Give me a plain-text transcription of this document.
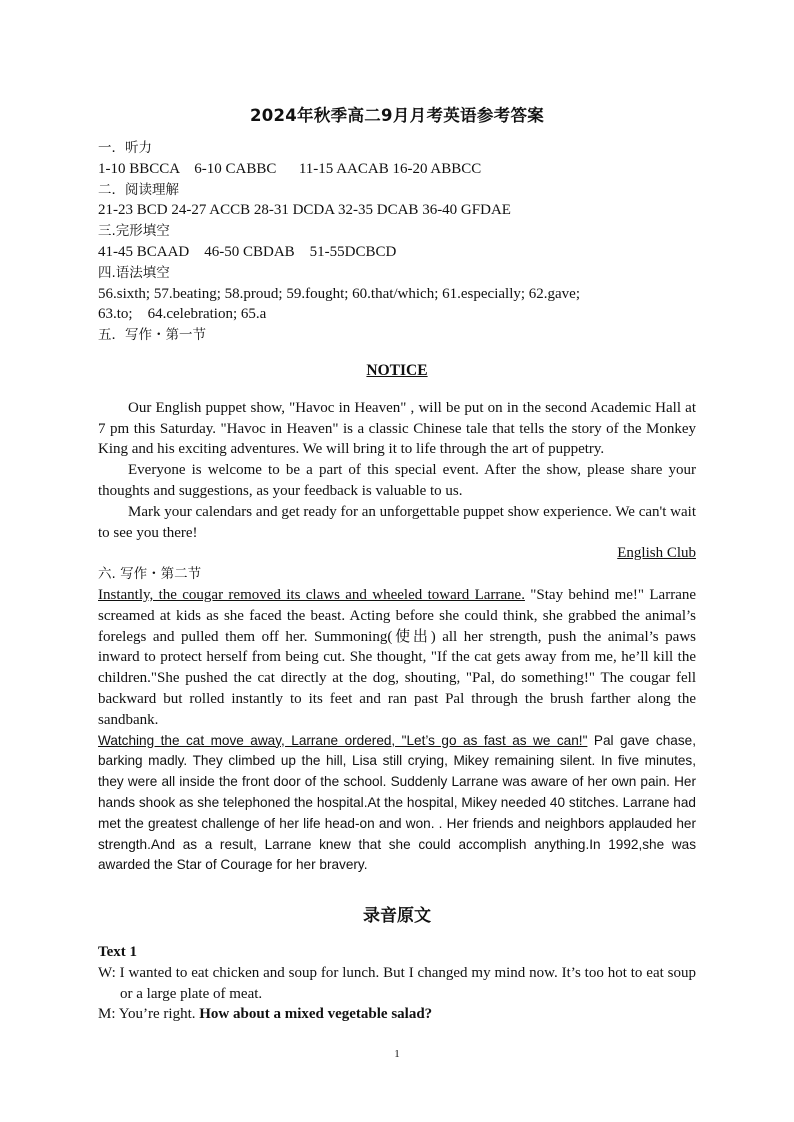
2024年秋季高二9月月考英语参考答案

一．听力

1-10 BBCCA    6-10 CABBC      11-15 AACAB 16-20 ABBCC

二．阅读理解

21-23 BCD 24-27 ACCB 28-31 DCDA 32-35 DCAB 36-40 GFDAE

三.完形填空

41-45 BCAAD    46-50 CBDAB    51-55DCBCD

四.语法填空

56.sixth; 57.beating; 58.proud; 59.fought; 60.that/which; 61.especially; 62.gave;

63.to;    64.celebration; 65.a

五．写作・第一节

NOTICE

Our English puppet show, "Havoc in Heaven" , will be put on in the second Academic Hall at 7 pm this Saturday. "Havoc in Heaven" is a classic Chinese tale that tells the story of the Monkey King and his exciting adventures. We will bring it to life through the art of puppetry.

Everyone is welcome to be a part of this special event. After the show, please share your thoughts and suggestions, as your feedback is valuable to us.

Mark your calendars and get ready for an unforgettable puppet show experience. We can't wait to see you there!

English Club

六. 写作・第二节

Instantly, the cougar removed its claws and wheeled toward Larrane. "Stay behind me!" Larrane screamed at kids as she faced the beast. Acting before she could think, she grabbed the animal’s forelegs and pulled them off her. Summoning(使出) all her strength, push the animal’s paws inward to protect herself from being cut. She thought, "If the cat gets away from me, he’ll kill the children."She pushed the cat directly at the dog, shouting, "Pal, do something!" The cougar fell backward but rolled instantly to its feet and ran past Pal through the brush farther along the sandbank.

Watching the cat move away, Larrane ordered, "Let’s go as fast as we can!" Pal gave chase, barking madly. They climbed up the hill, Lisa still crying, Mikey remaining silent. In five minutes, they were all inside the front door of the school. Suddenly Larrane was aware of her own pain. Her hands shook as she telephoned the hospital.At the hospital, Mikey needed 40 stitches. Larrane had met the greatest challenge of her life head-on and won. . Her friends and neighbors applauded her strength.And as a result, Larrane knew that she could accomplish anything.In 1992,she was awarded the Star of Courage for her bravery.

录音原文

Text 1

W: I wanted to eat chicken and soup for lunch. But I changed my mind now. It’s too hot to eat soup or a large plate of meat.

M: You’re right. How about a mixed vegetable salad?

1
